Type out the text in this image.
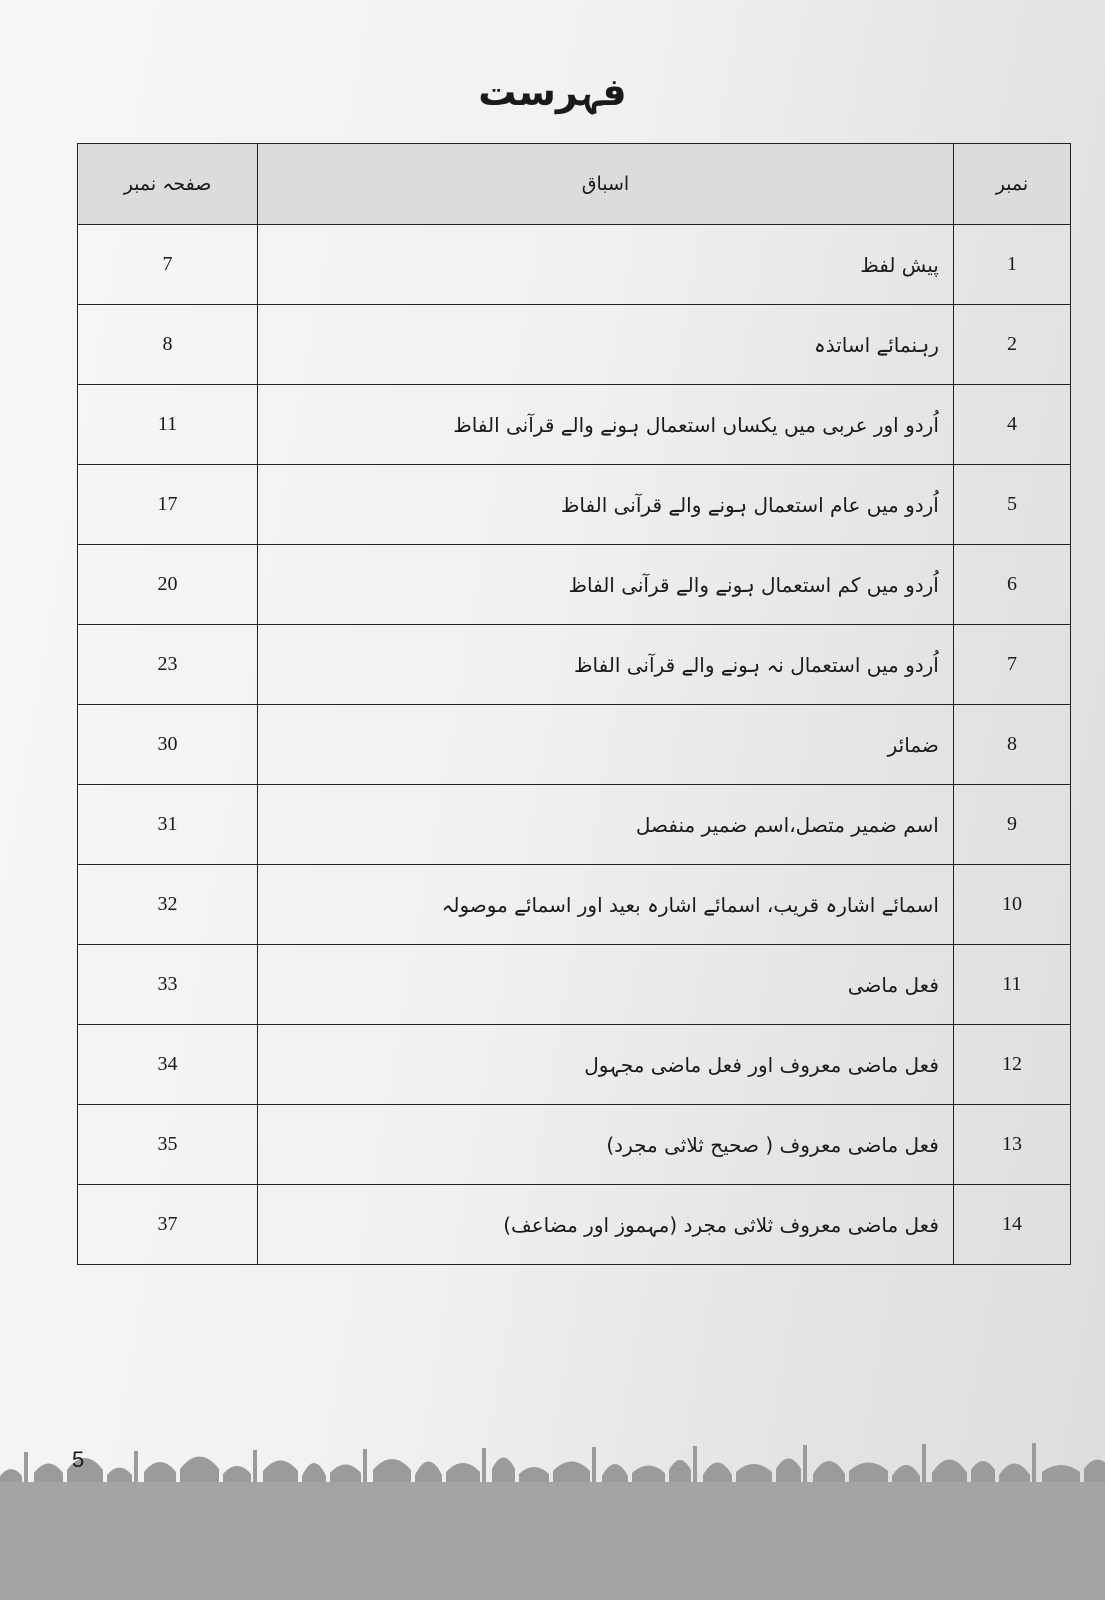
فہرست
نمبر	اسباق	صفحہ نمبر
1	پیش لفظ	7
2	رہنمائے اساتذہ	8
4	اُردو اور عربی میں یکساں استعمال ہونے والے قرآنی الفاظ	11
5	اُردو میں عام استعمال ہونے والے قرآنی الفاظ	17
6	اُردو میں کم استعمال ہونے والے قرآنی الفاظ	20
7	اُردو میں استعمال نہ ہونے والے قرآنی الفاظ	23
8	ضمائر	30
9	اسم ضمیر متصل،اسم ضمیر منفصل	31
10	اسمائے اشارہ قریب، اسمائے اشارہ بعید اور اسمائے موصولہ	32
11	فعل ماضی	33
12	فعل ماضی معروف اور فعل ماضی مجہول	34
13	فعل ماضی معروف ( صحیح ثلاثی مجرد)	35
14	فعل ماضی معروف ثلاثی مجرد (مہموز اور مضاعف)	37
5
